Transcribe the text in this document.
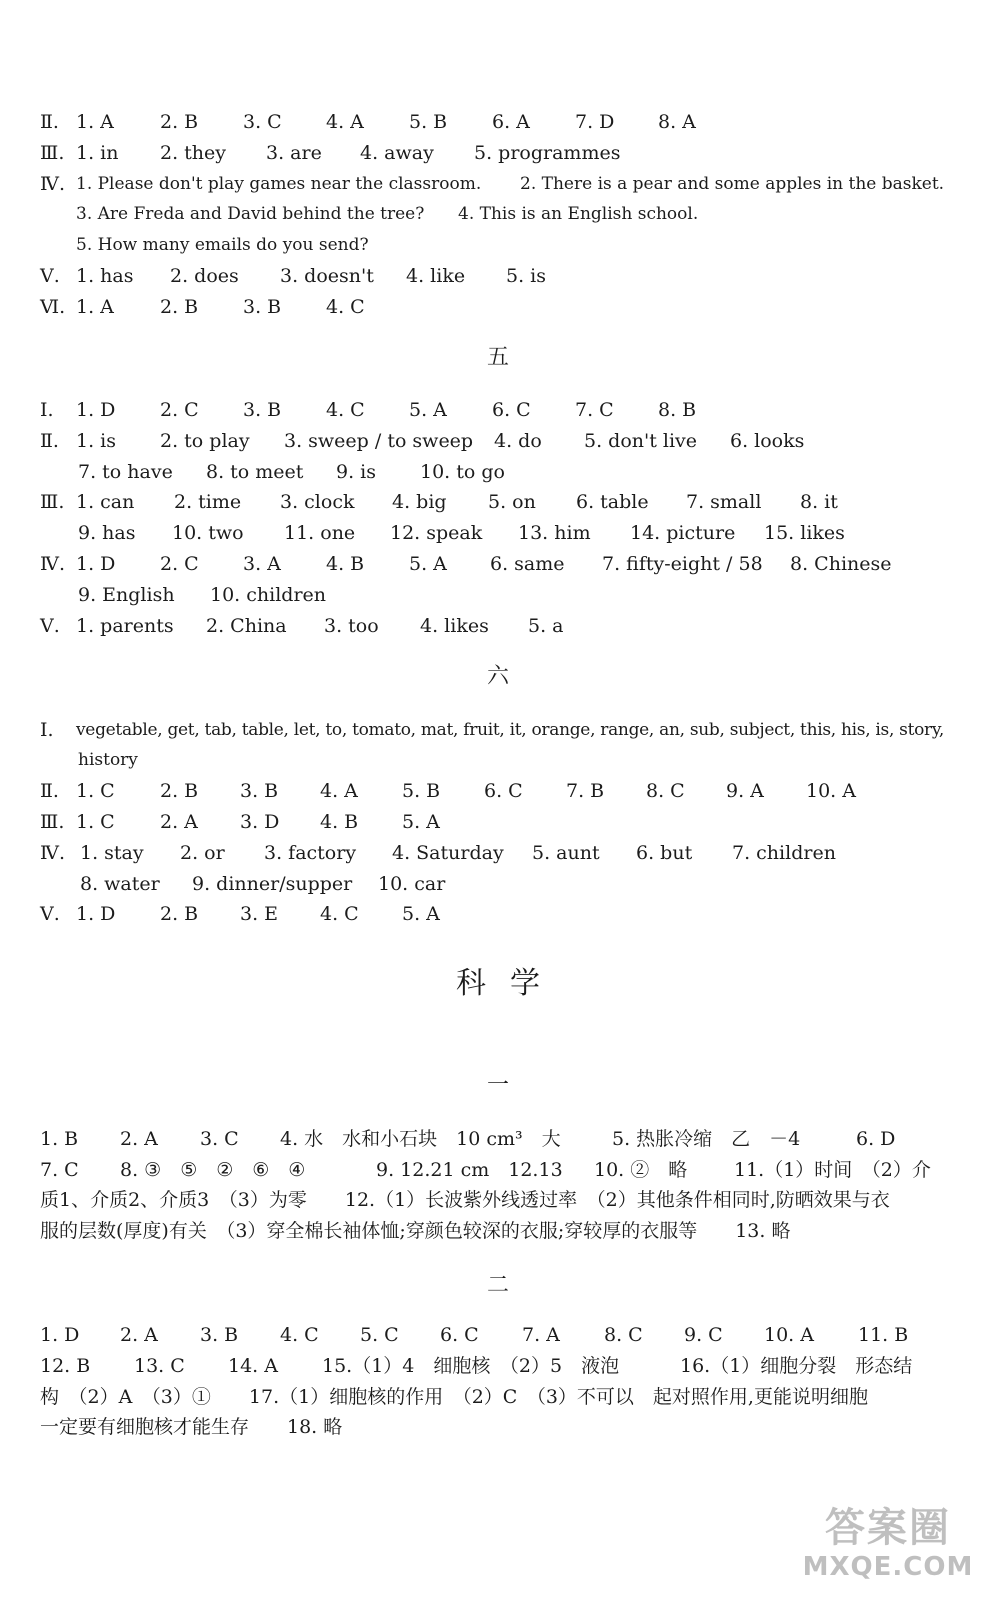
Ⅱ. 1. A 2. B 3. C 4. A 5. B 6. A 7. D 8. A
Ⅲ. 1. in 2. they 3. are 4. away 5. programmes
Ⅳ. 1. Please don't play games near the classroom. 2. There is a pear and some apples in the basket.
3. Are Freda and David behind the tree? 4. This is an English school.
5. How many emails do you send?
Ⅴ. 1. has 2. does 3. doesn't 4. like 5. is
Ⅵ. 1. A 2. B 3. B 4. C
五
Ⅰ. 1. D 2. C 3. B 4. C 5. A 6. C 7. C 8. B
Ⅱ. 1. is 2. to play 3. sweep / to sweep 4. do 5. don't live 6. looks
7. to have 8. to meet 9. is 10. to go
Ⅲ. 1. can 2. time 3. clock 4. big 5. on 6. table 7. small 8. it
9. has 10. two 11. one 12. speak 13. him 14. picture 15. likes
Ⅳ. 1. D 2. C 3. A 4. B 5. A 6. same 7. fifty-eight / 58 8. Chinese
9. English 10. children
Ⅴ. 1. parents 2. China 3. too 4. likes 5. a
六
Ⅰ. vegetable, get, tab, table, let, to, tomato, mat, fruit, it, orange, range, an, sub, subject, this, his, is, story,
history
Ⅱ. 1. C 2. B 3. B 4. A 5. B 6. C 7. B 8. C 9. A 10. A
Ⅲ. 1. C 2. A 3. D 4. B 5. A
Ⅳ. 1. stay 2. or 3. factory 4. Saturday 5. aunt 6. but 7. children
8. water 9. dinner/supper 10. car
Ⅴ. 1. D 2. B 3. E 4. C 5. A
科学
一
1. B 2. A 3. C 4. 水　水和小石块　10 cm³　大	5. 热胀冷缩　乙　－4	6. D
7. C 8. ③　⑤　②　⑥　④	9. 12.21 cm　12.13 10. ②　略 11.（1）时间　（2）介
质1、介质2、介质3　（3）为零　　12.（1）长波紫外线透过率　（2）其他条件相同时,防晒效果与衣
服的层数(厚度)有关　（3）穿全棉长袖体恤;穿颜色较深的衣服;穿较厚的衣服等　　13. 略
二
1. D 2. A 3. B 4. C 5. C 6. C 7. A 8. C 9. C 10. A 11. B
12. B 13. C 14. A 15.（1）4　细胞核　（2）5　液泡	16.（1）细胞分裂　形态结
构　（2）A　（3）①　　17.（1）细胞核的作用　（2）C　（3）不可以　起对照作用,更能说明细胞
一定要有细胞核才能生存　　18. 略
答案圈
MXQE.COM
